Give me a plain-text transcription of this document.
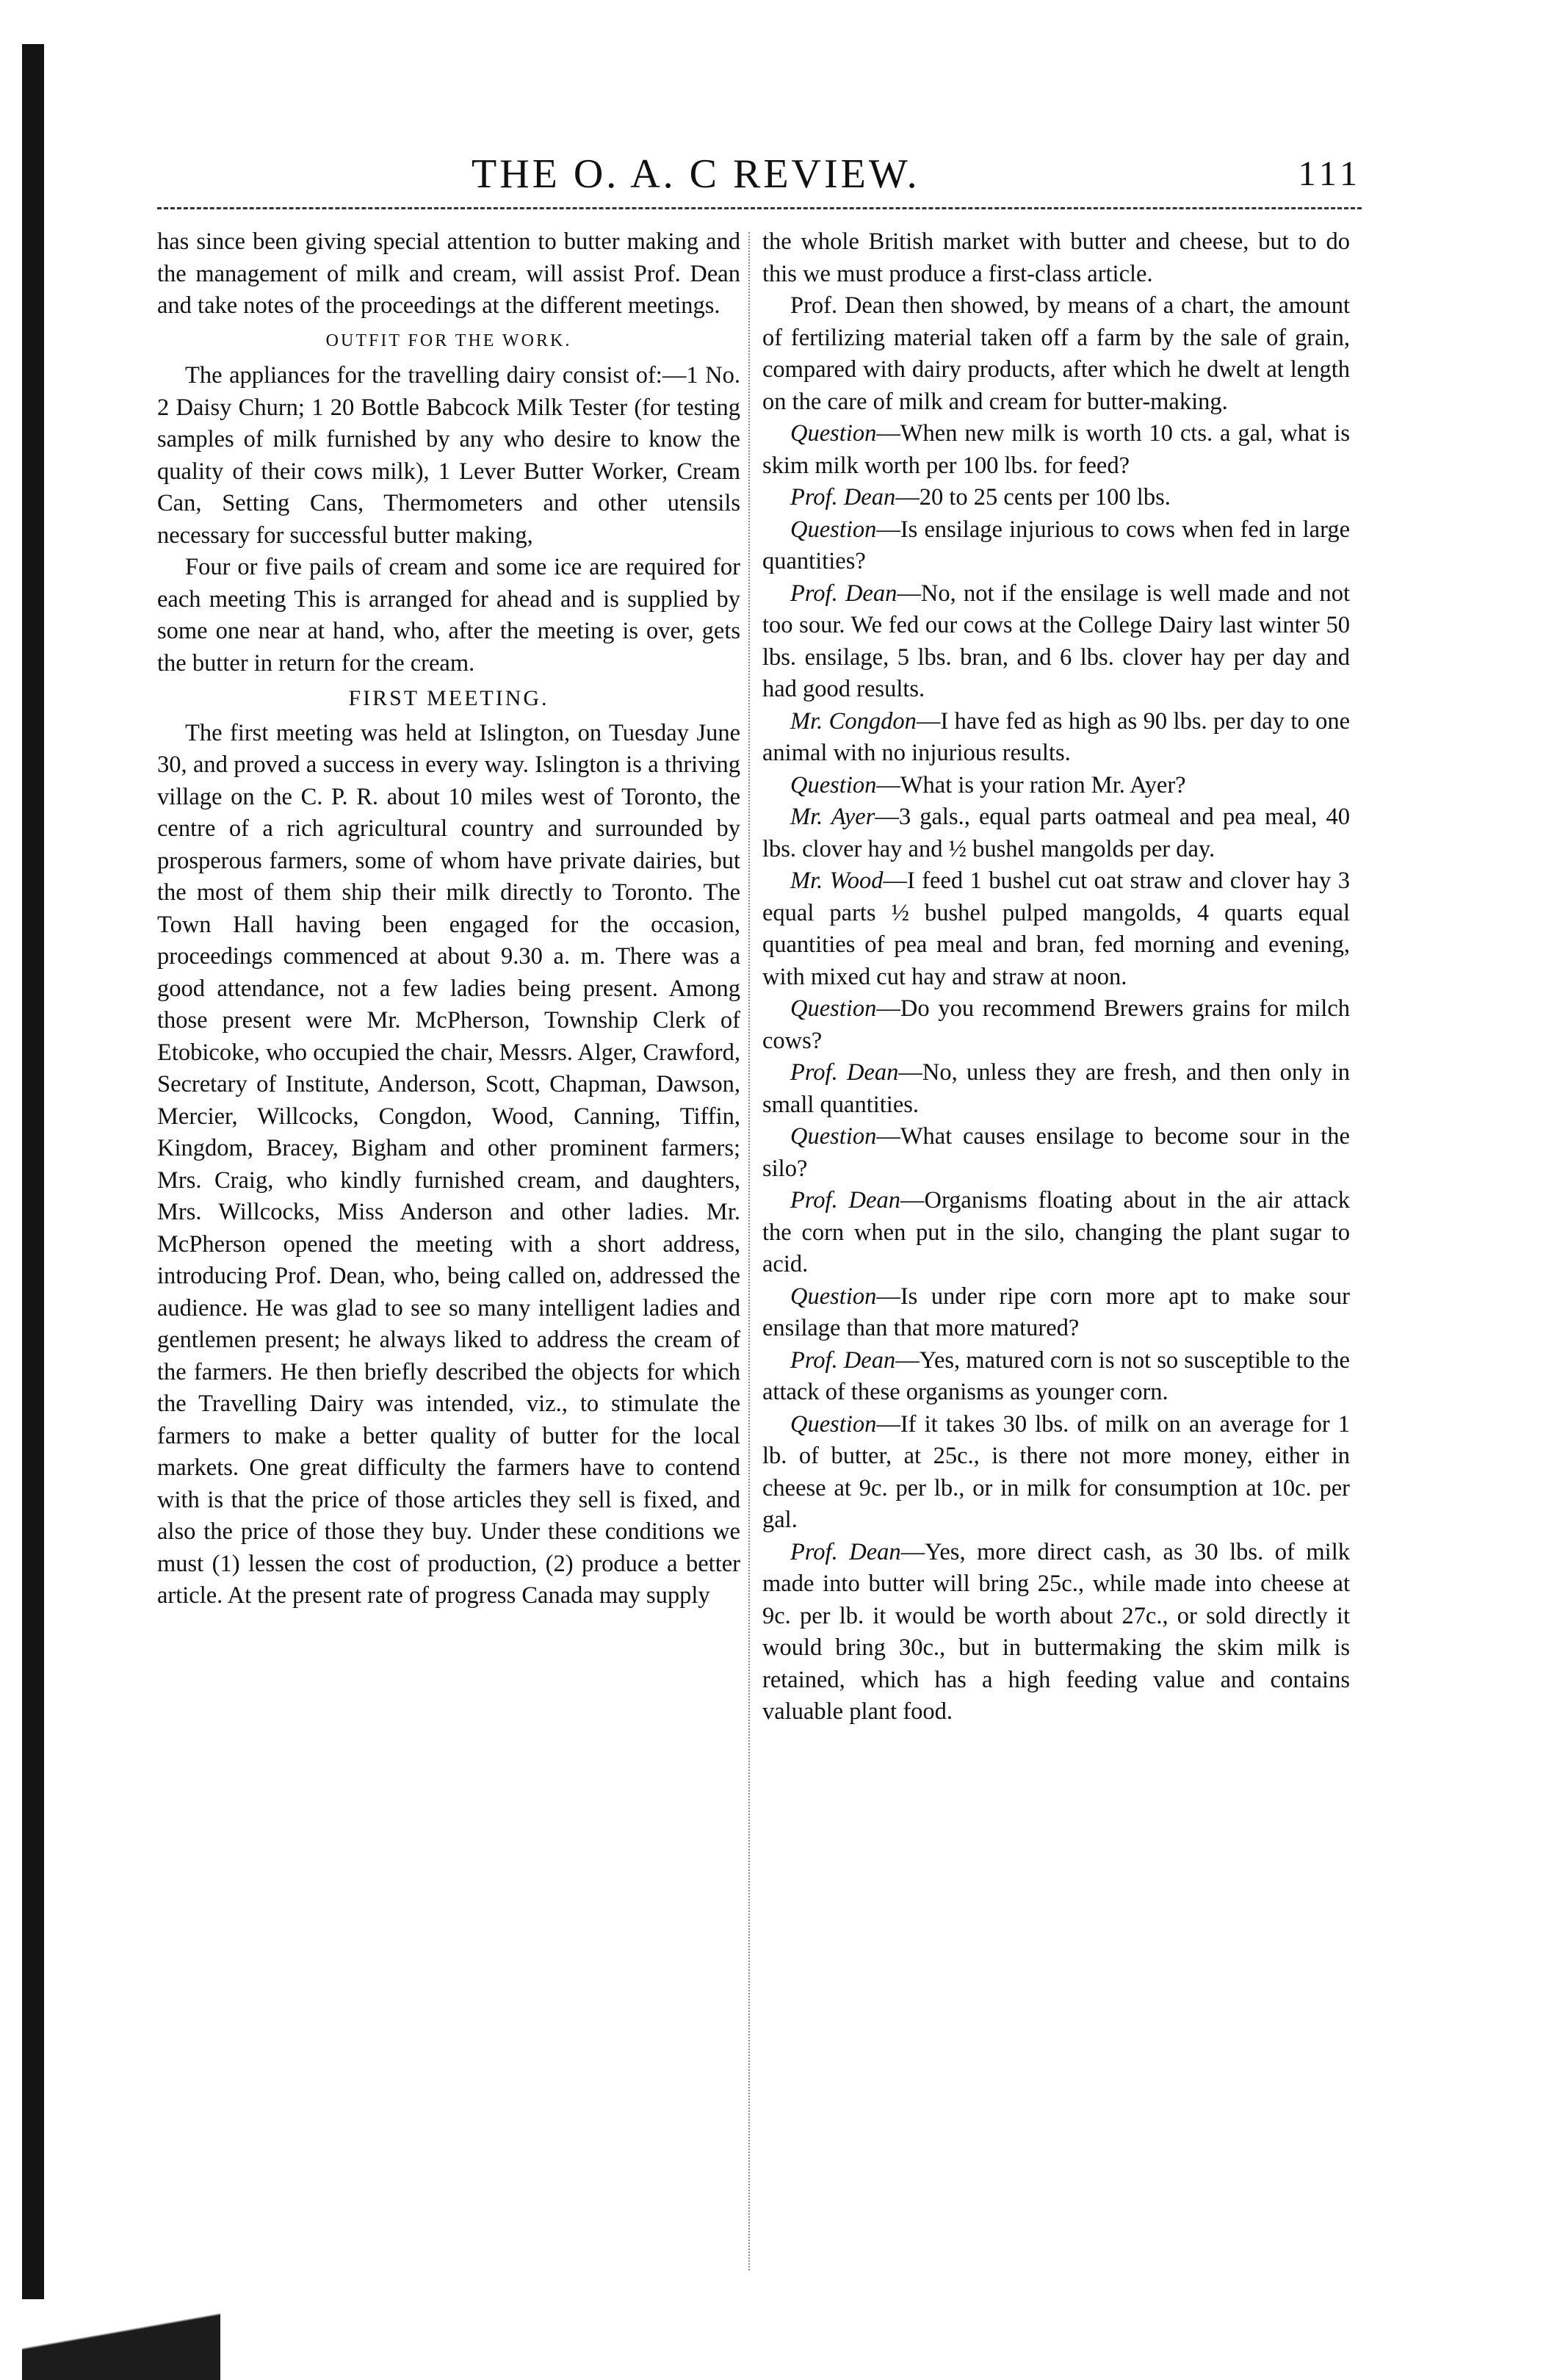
THE O. A. C REVIEW.	111

has since been giving special attention to butter making and the management of milk and cream, will assist Prof. Dean and take notes of the proceedings at the different meetings.

OUTFIT FOR THE WORK.

The appliances for the travelling dairy consist of:—1 No. 2 Daisy Churn; 1 20 Bottle Babcock Milk Tester (for testing samples of milk furnished by any who desire to know the quality of their cows milk), 1 Lever Butter Worker, Cream Can, Setting Cans, Thermometers and other utensils necessary for successful butter making,

Four or five pails of cream and some ice are required for each meeting This is arranged for ahead and is supplied by some one near at hand, who, after the meeting is over, gets the butter in return for the cream.

FIRST MEETING.

The first meeting was held at Islington, on Tuesday June 30, and proved a success in every way. Islington is a thriving village on the C. P. R. about 10 miles west of Toronto, the centre of a rich agricultural country and surrounded by prosperous farmers, some of whom have private dairies, but the most of them ship their milk directly to Toronto. The Town Hall having been engaged for the occasion, proceedings commenced at about 9.30 a. m. There was a good attendance, not a few ladies being present. Among those present were Mr. McPherson, Township Clerk of Etobicoke, who occupied the chair, Messrs. Alger, Crawford, Secretary of Institute, Anderson, Scott, Chapman, Dawson, Mercier, Willcocks, Congdon, Wood, Canning, Tiffin, Kingdom, Bracey, Bigham and other prominent farmers; Mrs. Craig, who kindly furnished cream, and daughters, Mrs. Willcocks, Miss Anderson and other ladies. Mr. McPherson opened the meeting with a short address, introducing Prof. Dean, who, being called on, addressed the audience. He was glad to see so many intelligent ladies and gentlemen present; he always liked to address the cream of the farmers. He then briefly described the objects for which the Travelling Dairy was intended, viz., to stimulate the farmers to make a better quality of butter for the local markets. One great difficulty the farmers have to contend with is that the price of those articles they sell is fixed, and also the price of those they buy. Under these conditions we must (1) lessen the cost of production, (2) produce a better article. At the present rate of progress Canada may supply

the whole British market with butter and cheese, but to do this we must produce a first-class article.

Prof. Dean then showed, by means of a chart, the amount of fertilizing material taken off a farm by the sale of grain, compared with dairy products, after which he dwelt at length on the care of milk and cream for butter-making.

Question—When new milk is worth 10 cts. a gal, what is skim milk worth per 100 lbs. for feed?

Prof. Dean—20 to 25 cents per 100 lbs.

Question—Is ensilage injurious to cows when fed in large quantities?

Prof. Dean—No, not if the ensilage is well made and not too sour. We fed our cows at the College Dairy last winter 50 lbs. ensilage, 5 lbs. bran, and 6 lbs. clover hay per day and had good results.

Mr. Congdon—I have fed as high as 90 lbs. per day to one animal with no injurious results.

Question—What is your ration Mr. Ayer?

Mr. Ayer—3 gals., equal parts oatmeal and pea meal, 40 lbs. clover hay and ½ bushel mangolds per day.

Mr. Wood—I feed 1 bushel cut oat straw and clover hay 3 equal parts ½ bushel pulped mangolds, 4 quarts equal quantities of pea meal and bran, fed morning and evening, with mixed cut hay and straw at noon.

Question—Do you recommend Brewers grains for milch cows?

Prof. Dean—No, unless they are fresh, and then only in small quantities.

Question—What causes ensilage to become sour in the silo?

Prof. Dean—Organisms floating about in the air attack the corn when put in the silo, changing the plant sugar to acid.

Question—Is under ripe corn more apt to make sour ensilage than that more matured?

Prof. Dean—Yes, matured corn is not so susceptible to the attack of these organisms as younger corn.

Question—If it takes 30 lbs. of milk on an average for 1 lb. of butter, at 25c., is there not more money, either in cheese at 9c. per lb., or in milk for consumption at 10c. per gal.

Prof. Dean—Yes, more direct cash, as 30 lbs. of milk made into butter will bring 25c., while made into cheese at 9c. per lb. it would be worth about 27c., or sold directly it would bring 30c., but in buttermaking the skim milk is retained, which has a high feeding value and contains valuable plant food.
